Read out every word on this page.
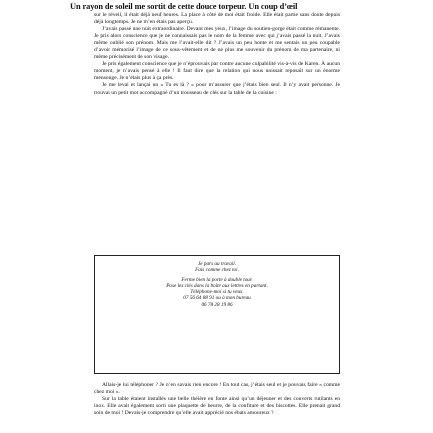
Un rayon de soleil me sortit de cette douce torpeur. Un coup d’œil

sur le réveil, il était déjà neuf heures. La place à côté de moi était froide. Elle était partie sans doute depuis déjà longtemps. Je ne m’en étais pas aperçu.

J’avais passé une nuit extraordinaire. Devant mes yeux, l’image du soutien-gorge était comme rémanente. Je pris alors conscience que je ne connaissais pas le nom de la femme avec qui j’avais passé la nuit. J’avais même oublié son prénom. Mais me l’avait-elle dit ? J’avais un peu honte et me sentais un peu coupable d’avoir mémorisé l’image de ce sous-vêtement et de ne plus me souvenir du prénom de ma partenaire, ni même précisément de son visage.

Je pris également conscience que je n’éprouvais par contre aucune culpabilité vis-à-vis de Karen. À aucun moment, je n’avais pensé à elle ! Il faut dire que la relation qui nous unissait reposait sur un énorme mensonge. Je n’étais plus à ça près.

Je me levai et lançai un « Tu es là ? » pour m’assurer que j’étais bien seul. Il n’y avait personne. Je trouvai un petit mot accompagné d’un trousseau de clés sur la table de la cuisine :

Je pars au travail.
Fais comme chez toi.
Ferme bien la porte à double tour.
Pose les clés dans la boîte aux lettres en partant.
Téléphone-moi si tu veux.
07 56 64 88 91 ou à mon bureau
06 78 28 19 86

Allais-je lui téléphoner ? Je n’en savais rien encore ! En tout cas, j’étais seul et je pouvais faire « comme chez moi ».

Sur la table étaient installés une belle théière en fonte ainsi qu’un déjeuner et des couverts rutilants en inox. Elle avait également sorti une plaquette de beurre, de la confiture et des biscottes. Elle prenait grand soin de moi ! Devais-je comprendre qu’elle avait apprécié nos ébats amoureux ?
